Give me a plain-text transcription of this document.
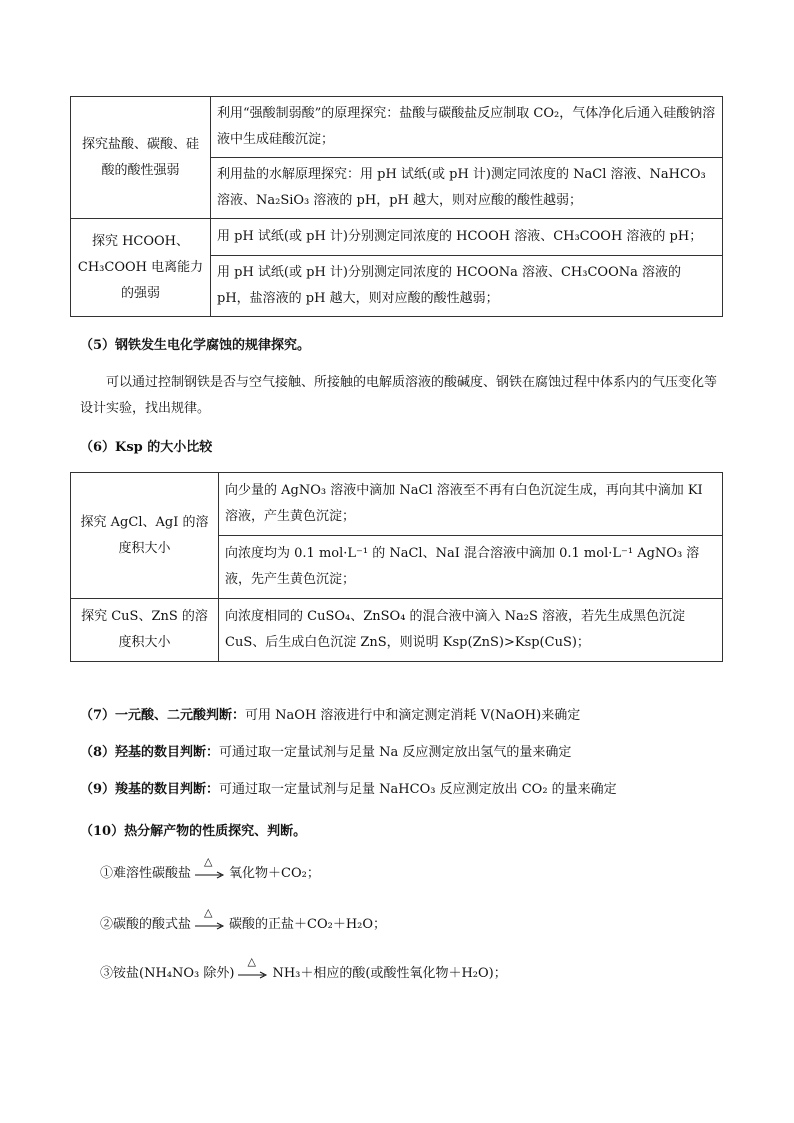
探究盐酸、碳酸、硅酸的酸性强弱	利用“强酸制弱酸”的原理探究：盐酸与碳酸盐反应制取 CO₂，气体净化后通入硅酸钠溶液中生成硅酸沉淀；
	利用盐的水解原理探究：用 pH 试纸(或 pH 计)测定同浓度的 NaCl 溶液、NaHCO₃ 溶液、Na₂SiO₃ 溶液的 pH，pH 越大，则对应酸的酸性越弱；
探究 HCOOH、CH₃COOH 电离能力的强弱	用 pH 试纸(或 pH 计)分别测定同浓度的 HCOOH 溶液、CH₃COOH 溶液的 pH；
	用 pH 试纸(或 pH 计)分别测定同浓度的 HCOONa 溶液、CH₃COONa 溶液的 pH，盐溶液的 pH 越大，则对应酸的酸性越弱；
（5）钢铁发生电化学腐蚀的规律探究。
可以通过控制钢铁是否与空气接触、所接触的电解质溶液的酸碱度、钢铁在腐蚀过程中体系内的气压变化等设计实验，找出规律。
（6）Ksp 的大小比较
探究 AgCl、AgI 的溶度积大小	向少量的 AgNO₃ 溶液中滴加 NaCl 溶液至不再有白色沉淀生成，再向其中滴加 KI 溶液，产生黄色沉淀；
	向浓度均为 0.1 mol·L⁻¹ 的 NaCl、NaI 混合溶液中滴加 0.1 mol·L⁻¹ AgNO₃ 溶液，先产生黄色沉淀；
探究 CuS、ZnS 的溶度积大小	向浓度相同的 CuSO₄、ZnSO₄ 的混合液中滴入 Na₂S 溶液，若先生成黑色沉淀 CuS、后生成白色沉淀 ZnS，则说明 Ksp(ZnS)>Ksp(CuS)；
（7）一元酸、二元酸判断：可用 NaOH 溶液进行中和滴定测定消耗 V(NaOH)来确定
（8）羟基的数目判断：可通过取一定量试剂与足量 Na 反应测定放出氢气的量来确定
（9）羧基的数目判断：可通过取一定量试剂与足量 NaHCO₃ 反应测定放出 CO₂ 的量来确定
（10）热分解产物的性质探究、判断。
①难溶性碳酸盐
△
氧化物＋CO₂；
②碳酸的酸式盐
△
碳酸的正盐＋CO₂＋H₂O；
③铵盐(NH₄NO₃ 除外)
△
NH₃＋相应的酸(或酸性氧化物＋H₂O)；
